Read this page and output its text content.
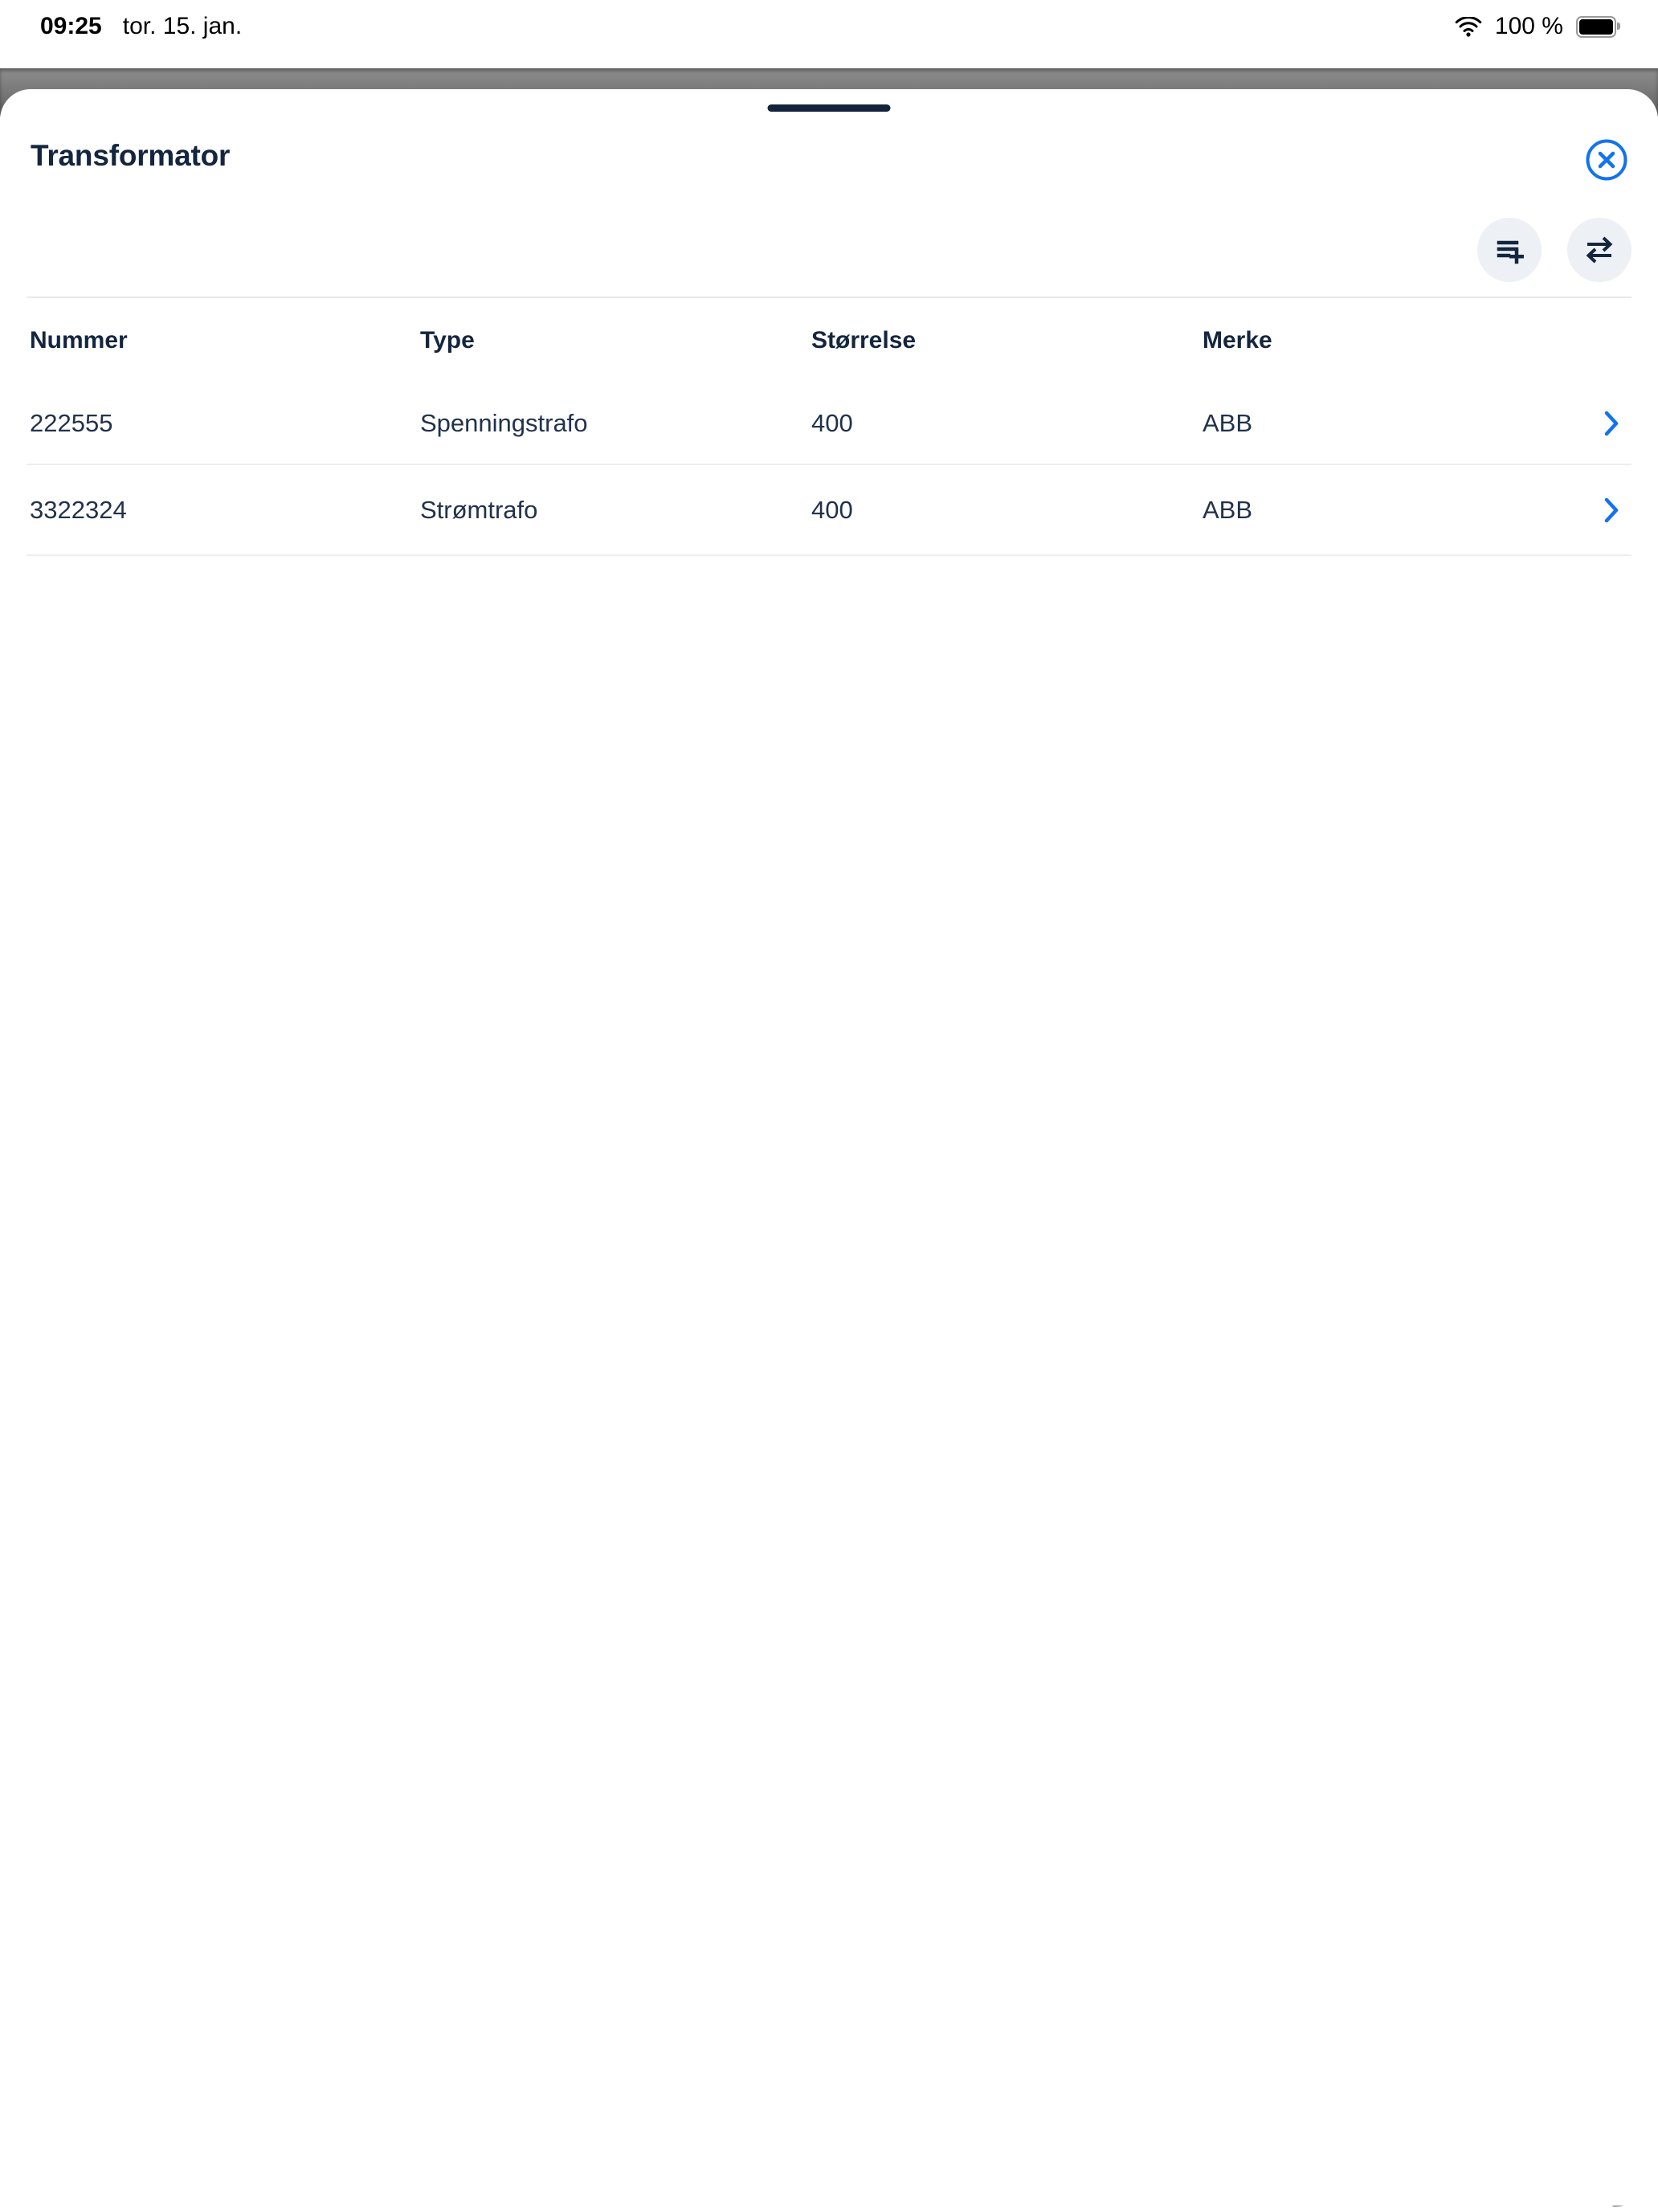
09:25 tor. 15. jan.	100 %
Transformator
Nummer	Type	Størrelse	Merke	
222555	Spenningstrafo	400	ABB	
3322324	Strømtrafo	400	ABB	
